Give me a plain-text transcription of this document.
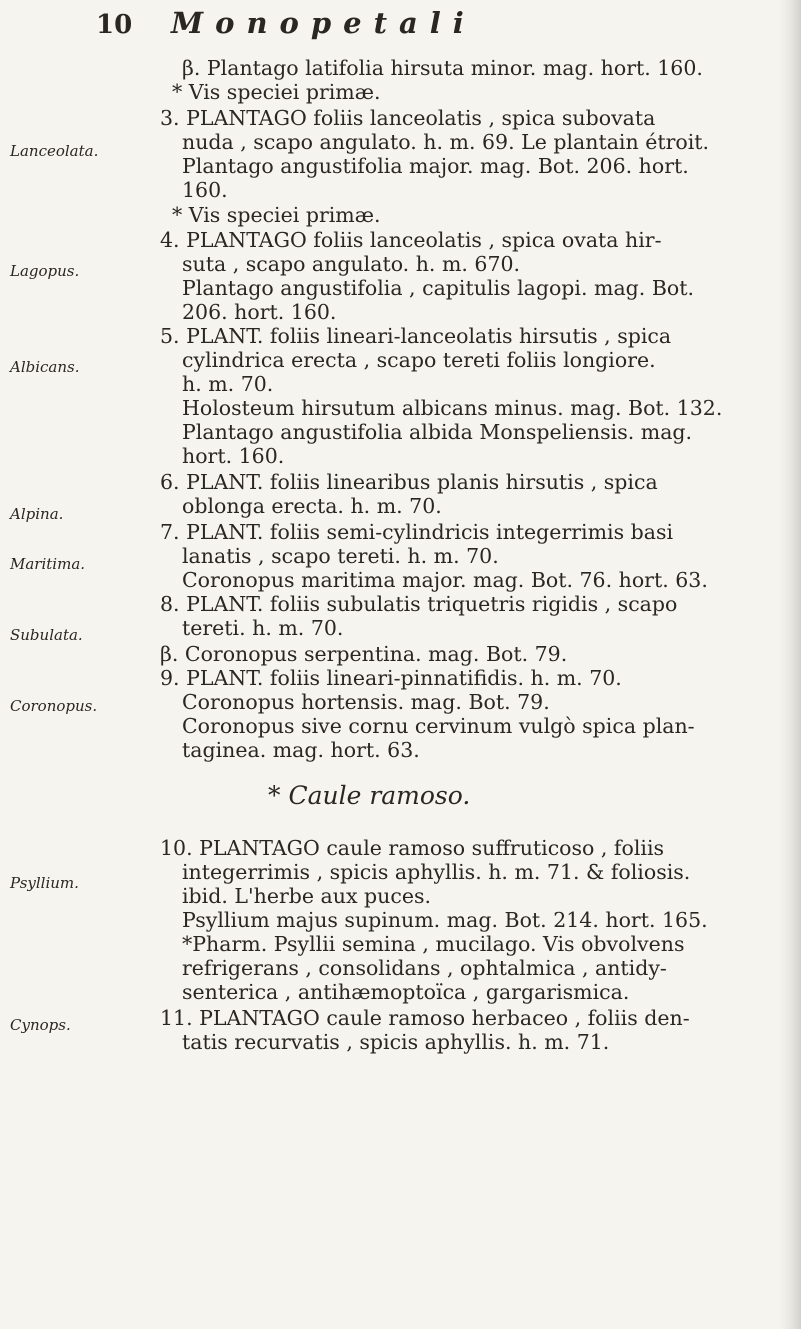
10 Monopetali
Lanceolata.
Lagopus.
Albicans.
Alpina.
Maritima.
Subulata.
Coronopus.
Psyllium.
Cynops.
β. Plantago latifolia hirsuta minor. mag. hort. 160.
* Vis speciei primæ.
3. PLANTAGO foliis lanceolatis , spica subovata
nuda , scapo angulato. h. m. 69. Le plantain étroit.
Plantago angustifolia major. mag. Bot. 206. hort.
160.
* Vis speciei primæ.
4. PLANTAGO foliis lanceolatis , spica ovata hir-
suta , scapo angulato. h. m. 670.
Plantago angustifolia , capitulis lagopi. mag. Bot.
206. hort. 160.
5. PLANT. foliis lineari-lanceolatis hirsutis , spica
cylindrica erecta , scapo tereti foliis longiore.
h. m. 70.
Holosteum hirsutum albicans minus. mag. Bot. 132.
Plantago angustifolia albida Monspeliensis. mag.
hort. 160.
6. PLANT. foliis linearibus planis hirsutis , spica
oblonga erecta. h. m. 70.
7. PLANT. foliis semi-cylindricis integerrimis basi
lanatis , scapo tereti. h. m. 70.
Coronopus maritima major. mag. Bot. 76. hort. 63.
8. PLANT. foliis subulatis triquetris rigidis , scapo
tereti. h. m. 70.
β. Coronopus serpentina. mag. Bot. 79.
9. PLANT. foliis lineari-pinnatifidis. h. m. 70.
Coronopus hortensis. mag. Bot. 79.
Coronopus sive cornu cervinum vulgò spica plan-
taginea. mag. hort. 63.
* Caule ramoso.
10. PLANTAGO caule ramoso suffruticoso , foliis
integerrimis , spicis aphyllis. h. m. 71. & foliosis.
ibid. L'herbe aux puces.
Psyllium majus supinum. mag. Bot. 214. hort. 165.
*Pharm. Psyllii semina , mucilago. Vis obvolvens
refrigerans , consolidans , ophtalmica , antidy-
senterica , antihæmoptoïca , gargarismica.
11. PLANTAGO caule ramoso herbaceo , foliis den-
tatis recurvatis , spicis aphyllis. h. m. 71.
